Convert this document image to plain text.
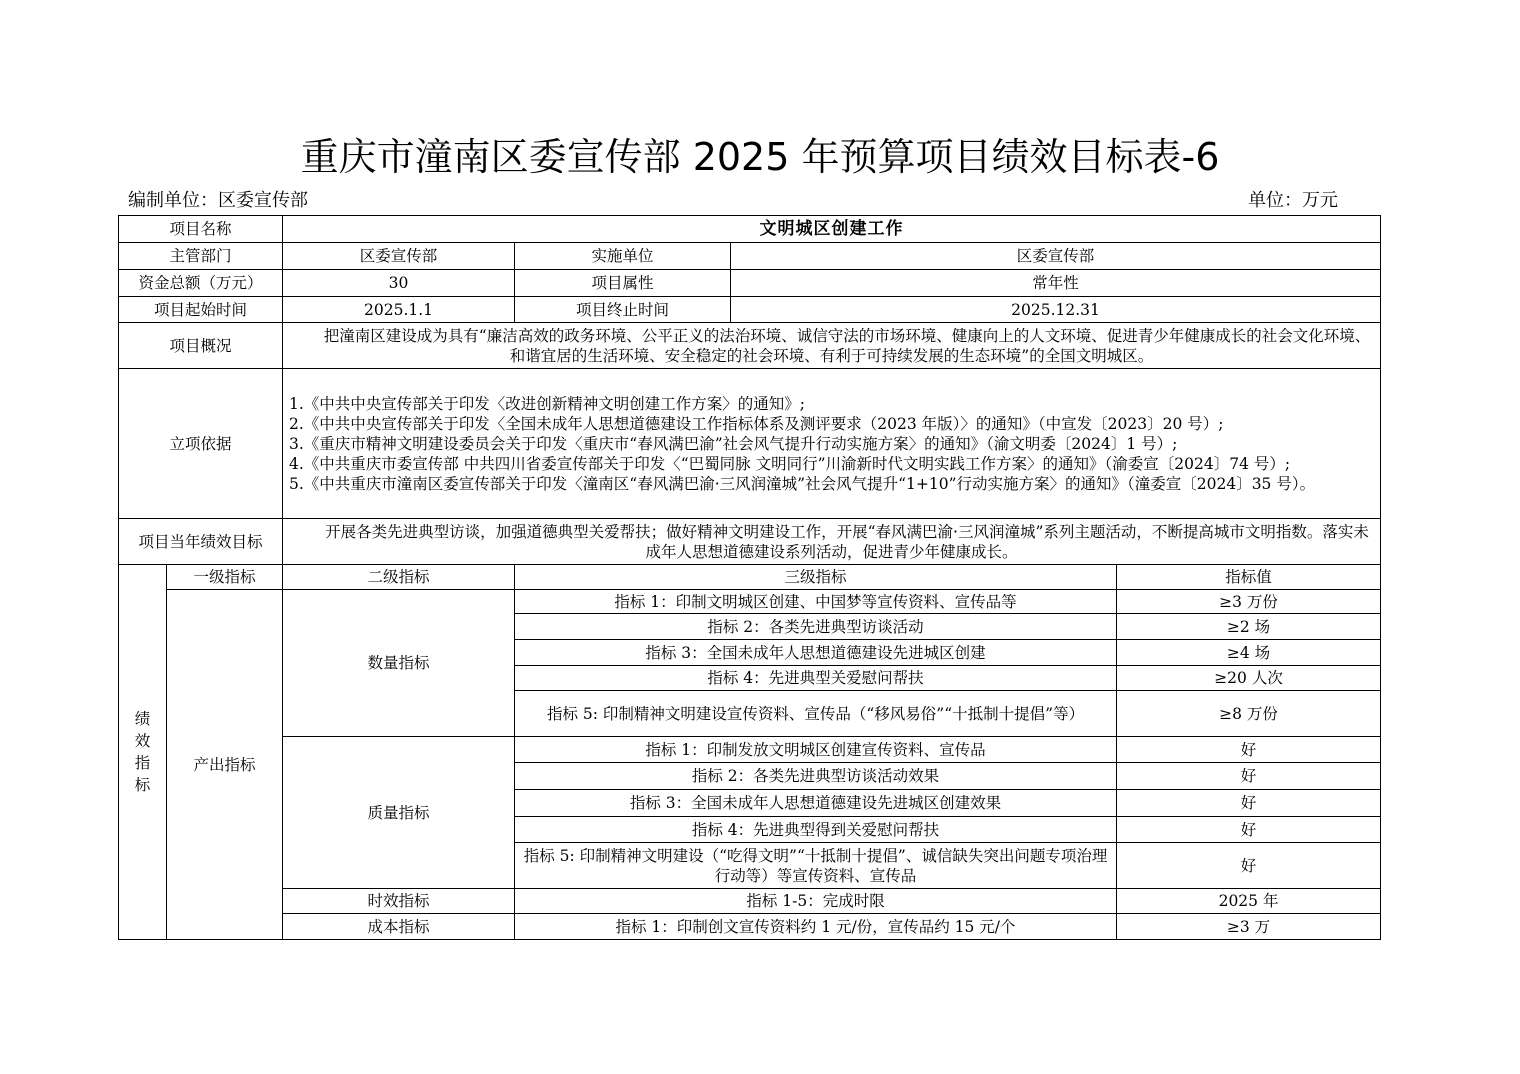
重庆市潼南区委宣传部 2025 年预算项目绩效目标表-6
编制单位：区委宣传部	单位：万元
项目名称		文明城区创建工作			
主管部门		区委宣传部	实施单位	区委宣传部	
资金总额（万元）		30	项目属性	常年性	
项目起始时间		2025.1.1	项目终止时间	2025.12.31	
项目概况		把潼南区建设成为具有“廉洁高效的政务环境、公平正义的法治环境、诚信守法的市场环境、健康向上的人文环境、促进青少年健康成长的社会文化环境、和谐宜居的生活环境、安全稳定的社会环境、有利于可持续发展的生态环境”的全国文明城区。			
立项依据		1.《中共中央宣传部关于印发〈改进创新精神文明创建工作方案〉的通知》;
2.《中共中央宣传部关于印发〈全国未成年人思想道德建设工作指标体系及测评要求（2023 年版）〉的通知》（中宣发〔2023〕20 号）;
3.《重庆市精神文明建设委员会关于印发〈重庆市“春风满巴渝”社会风气提升行动实施方案〉的通知》（渝文明委〔2024〕1 号）;
4.《中共重庆市委宣传部 中共四川省委宣传部关于印发〈“巴蜀同脉 文明同行”川渝新时代文明实践工作方案〉的通知》（渝委宣〔2024〕74 号）;
5.《中共重庆市潼南区委宣传部关于印发〈潼南区“春风满巴渝·三风润潼城”社会风气提升“1+10”行动实施方案〉的通知》（潼委宣〔2024〕35 号）。			

项目当年绩效目标		开展各类先进典型访谈，加强道德典型关爱帮扶；做好精神文明建设工作，开展“春风满巴渝·三风润潼城”系列主题活动，不断提高城市文明指数。落实未成年人思想道德建设系列活动，促进青少年健康成长。			

绩效指标	一级指标	二级指标	三级指标		指标值
	产出指标	数量指标	指标 1：印制文明城区创建、中国梦等宣传资料、宣传品等		≥3 万份
			指标 2：各类先进典型访谈活动		≥2 场
			指标 3：全国未成年人思想道德建设先进城区创建		≥4 场
			指标 4：先进典型关爱慰问帮扶		≥20 人次
			指标 5: 印制精神文明建设宣传资料、宣传品（“移风易俗”“十抵制十提倡”等）		≥8 万份
		质量指标	指标 1：印制发放文明城区创建宣传资料、宣传品		好
			指标 2：各类先进典型访谈活动效果		好
			指标 3：全国未成年人思想道德建设先进城区创建效果		好
			指标 4：先进典型得到关爱慰问帮扶		好
			指标 5: 印制精神文明建设（“吃得文明”“十抵制十提倡”、诚信缺失突出问题专项治理行动等）等宣传资料、宣传品		好
		时效指标	指标 1-5：完成时限		2025 年
		成本指标	指标 1：印制创文宣传资料约 1 元/份，宣传品约 15 元/个		≥3 万
